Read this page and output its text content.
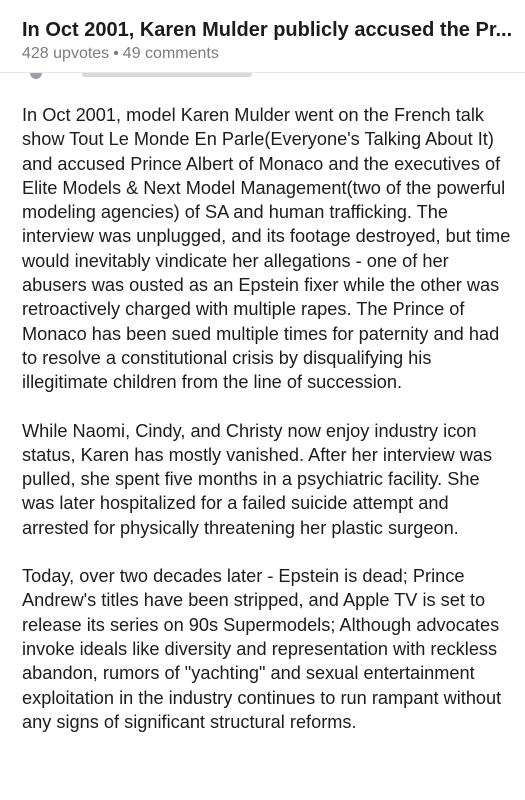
In Oct 2001, Karen Mulder publicly accused the Pr...
428 upvotes • 49 comments

In Oct 2001, model Karen Mulder went on the French talk show Tout Le Monde En Parle(Everyone's Talking About It) and accused Prince Albert of Monaco and the executives of Elite Models & Next Model Management(two of the powerful modeling agencies) of SA and human trafficking. The interview was unplugged, and its footage destroyed, but time would inevitably vindicate her allegations - one of her abusers was ousted as an Epstein fixer while the other was retroactively charged with multiple rapes. The Prince of Monaco has been sued multiple times for paternity and had to resolve a constitutional crisis by disqualifying his illegitimate children from the line of succession.

While Naomi, Cindy, and Christy now enjoy industry icon status, Karen has mostly vanished. After her interview was pulled, she spent five months in a psychiatric facility. She was later hospitalized for a failed suicide attempt and arrested for physically threatening her plastic surgeon.

Today, over two decades later - Epstein is dead; Prince Andrew's titles have been stripped, and Apple TV is set to release its series on 90s Supermodels; Although advocates invoke ideals like diversity and representation with reckless abandon, rumors of "yachting" and sexual entertainment exploitation in the industry continues to run rampant without any signs of significant structural reforms.
